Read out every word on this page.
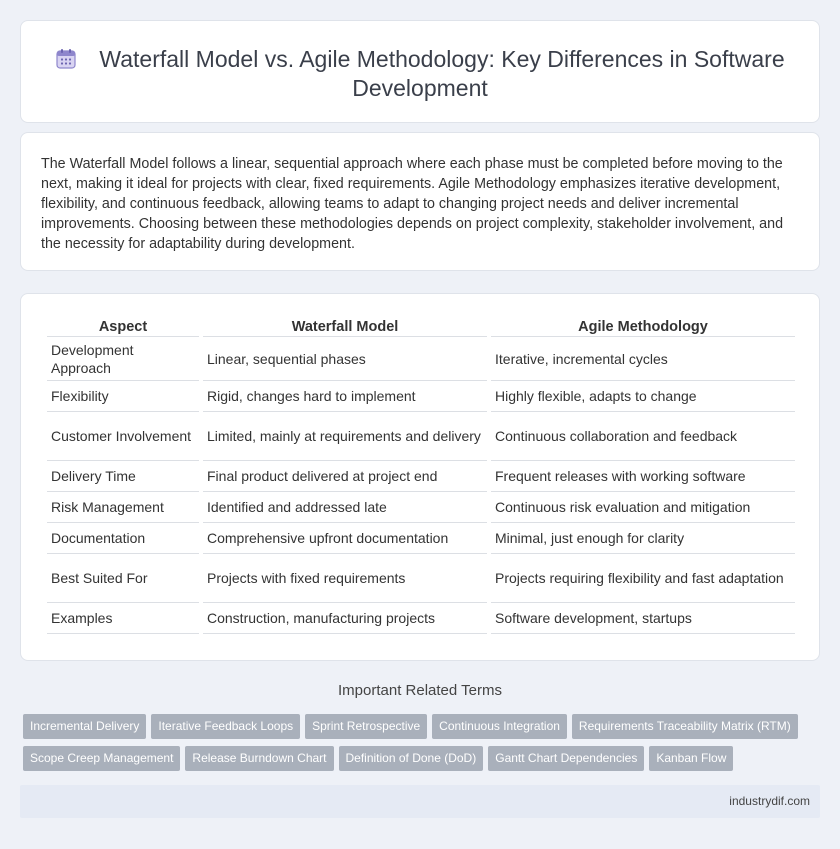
Waterfall Model vs. Agile Methodology: Key Differences in Software Development

The Waterfall Model follows a linear, sequential approach where each phase must be completed before moving to the next, making it ideal for projects with clear, fixed requirements. Agile Methodology emphasizes iterative development, flexibility, and continuous feedback, allowing teams to adapt to changing project needs and deliver incremental improvements. Choosing between these methodologies depends on project complexity, stakeholder involvement, and the necessity for adaptability during development.

Aspect	Waterfall Model	Agile Methodology
Development Approach	Linear, sequential phases	Iterative, incremental cycles
Flexibility	Rigid, changes hard to implement	Highly flexible, adapts to change
Customer Involvement	Limited, mainly at requirements and delivery	Continuous collaboration and feedback
Delivery Time	Final product delivered at project end	Frequent releases with working software
Risk Management	Identified and addressed late	Continuous risk evaluation and mitigation
Documentation	Comprehensive upfront documentation	Minimal, just enough for clarity
Best Suited For	Projects with fixed requirements	Projects requiring flexibility and fast adaptation
Examples	Construction, manufacturing projects	Software development, startups
Important Related Terms
Incremental Delivery Iterative Feedback Loops Sprint Retrospective Continuous Integration Requirements Traceability Matrix (RTM)
Scope Creep Management Release Burndown Chart Definition of Done (DoD) Gantt Chart Dependencies Kanban Flow
industrydif.com
